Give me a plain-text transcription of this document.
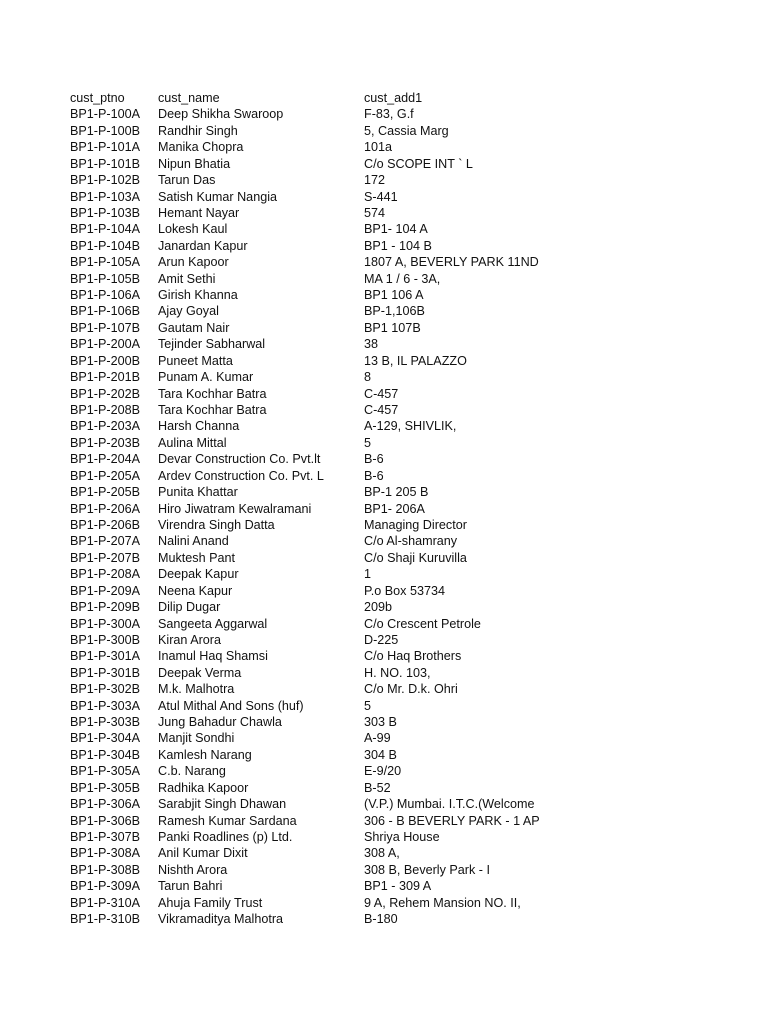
cust_ptno	cust_name	cust_add1
BP1-P-100A	Deep Shikha Swaroop	F-83, G.f
BP1-P-100B	Randhir Singh	5, Cassia Marg
BP1-P-101A	Manika Chopra	101a
BP1-P-101B	Nipun Bhatia	C/o SCOPE INT ` L
BP1-P-102B	Tarun Das	172
BP1-P-103A	Satish Kumar Nangia	S-441
BP1-P-103B	Hemant Nayar	574
BP1-P-104A	Lokesh Kaul	BP1- 104 A
BP1-P-104B	Janardan Kapur	BP1 - 104 B
BP1-P-105A	Arun Kapoor	1807 A, BEVERLY PARK 11ND
BP1-P-105B	Amit Sethi	MA 1 / 6 - 3A,
BP1-P-106A	Girish Khanna	BP1 106 A
BP1-P-106B	Ajay Goyal	BP-1,106B
BP1-P-107B	Gautam Nair	BP1 107B
BP1-P-200A	Tejinder Sabharwal	38
BP1-P-200B	Puneet Matta	13 B, IL PALAZZO
BP1-P-201B	Punam A. Kumar	8
BP1-P-202B	Tara Kochhar Batra	C-457
BP1-P-208B	Tara Kochhar Batra	C-457
BP1-P-203A	Harsh Channa	A-129, SHIVLIK,
BP1-P-203B	Aulina Mittal	5
BP1-P-204A	Devar Construction Co. Pvt.lt	B-6
BP1-P-205A	Ardev Construction Co. Pvt. L	B-6
BP1-P-205B	Punita Khattar	BP-1 205 B
BP1-P-206A	Hiro Jiwatram Kewalramani	BP1- 206A
BP1-P-206B	Virendra Singh Datta	Managing Director
BP1-P-207A	Nalini Anand	C/o Al-shamrany
BP1-P-207B	Muktesh Pant	C/o Shaji Kuruvilla
BP1-P-208A	Deepak Kapur	1
BP1-P-209A	Neena Kapur	P.o Box 53734
BP1-P-209B	Dilip Dugar	209b
BP1-P-300A	Sangeeta Aggarwal	C/o Crescent Petrole
BP1-P-300B	Kiran Arora	D-225
BP1-P-301A	Inamul Haq Shamsi	C/o Haq Brothers
BP1-P-301B	Deepak Verma	H. NO. 103,
BP1-P-302B	M.k. Malhotra	C/o Mr. D.k. Ohri
BP1-P-303A	Atul Mithal And Sons (huf)	5
BP1-P-303B	Jung Bahadur Chawla	303 B
BP1-P-304A	Manjit Sondhi	A-99
BP1-P-304B	Kamlesh Narang	304 B
BP1-P-305A	C.b. Narang	E-9/20
BP1-P-305B	Radhika Kapoor	B-52
BP1-P-306A	Sarabjit Singh Dhawan	(V.P.) Mumbai. I.T.C.(Welcome
BP1-P-306B	Ramesh Kumar Sardana	306 - B BEVERLY PARK - 1 AP
BP1-P-307B	Panki Roadlines (p) Ltd.	Shriya House
BP1-P-308A	Anil Kumar Dixit	308 A,
BP1-P-308B	Nishth Arora	308 B, Beverly Park - I
BP1-P-309A	Tarun Bahri	BP1 - 309 A
BP1-P-310A	Ahuja Family Trust	9 A, Rehem Mansion NO. II,
BP1-P-310B	Vikramaditya Malhotra	B-180
